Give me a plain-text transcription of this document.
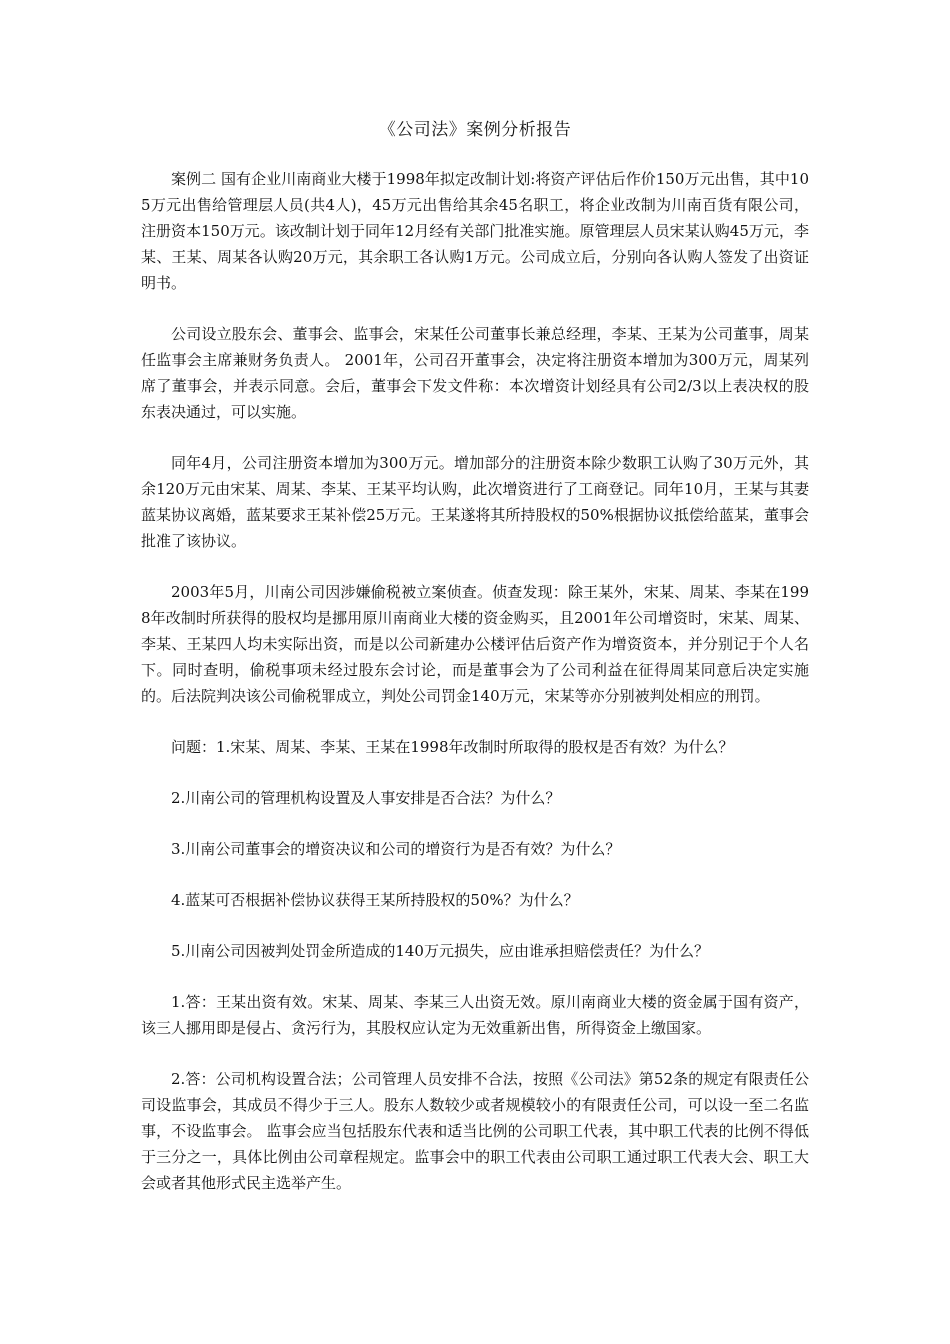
《公司法》案例分析报告

案例二 国有企业川南商业大楼于1998年拟定改制计划:将资产评估后作价150万元出售，其中105万元出售给管理层人员(共4人)，45万元出售给其余45名职工，将企业改制为川南百货有限公司，注册资本150万元。该改制计划于同年12月经有关部门批准实施。原管理层人员宋某认购45万元，李某、王某、周某各认购20万元，其余职工各认购1万元。公司成立后，分别向各认购人签发了出资证明书。

公司设立股东会、董事会、监事会，宋某任公司董事长兼总经理，李某、王某为公司董事，周某任监事会主席兼财务负责人。 2001年，公司召开董事会，决定将注册资本增加为300万元，周某列席了董事会，并表示同意。会后，董事会下发文件称：本次增资计划经具有公司2/3以上表决权的股东表决通过，可以实施。

同年4月，公司注册资本增加为300万元。增加部分的注册资本除少数职工认购了30万元外，其余120万元由宋某、周某、李某、王某平均认购，此次增资进行了工商登记。同年10月，王某与其妻蓝某协议离婚，蓝某要求王某补偿25万元。王某遂将其所持股权的50%根据协议抵偿给蓝某，董事会批准了该协议。

2003年5月，川南公司因涉嫌偷税被立案侦查。侦查发现：除王某外，宋某、周某、李某在1998年改制时所获得的股权均是挪用原川南商业大楼的资金购买，且2001年公司增资时，宋某、周某、李某、王某四人均未实际出资，而是以公司新建办公楼评估后资产作为增资资本，并分别记于个人名下。同时查明，偷税事项未经过股东会讨论，而是董事会为了公司利益在征得周某同意后决定实施的。后法院判决该公司偷税罪成立，判处公司罚金140万元，宋某等亦分别被判处相应的刑罚。

问题：1.宋某、周某、李某、王某在1998年改制时所取得的股权是否有效？为什么？

2.川南公司的管理机构设置及人事安排是否合法？为什么？

3.川南公司董事会的增资决议和公司的增资行为是否有效？为什么？

4.蓝某可否根据补偿协议获得王某所持股权的50%？为什么？

5.川南公司因被判处罚金所造成的140万元损失，应由谁承担赔偿责任？为什么？

1.答：王某出资有效。宋某、周某、李某三人出资无效。原川南商业大楼的资金属于国有资产，该三人挪用即是侵占、贪污行为，其股权应认定为无效重新出售，所得资金上缴国家。

2.答：公司机构设置合法；公司管理人员安排不合法，按照《公司法》第52条的规定有限责任公司设监事会，其成员不得少于三人。股东人数较少或者规模较小的有限责任公司，可以设一至二名监事，不设监事会。 监事会应当包括股东代表和适当比例的公司职工代表，其中职工代表的比例不得低于三分之一，具体比例由公司章程规定。监事会中的职工代表由公司职工通过职工代表大会、职工大会或者其他形式民主选举产生。
